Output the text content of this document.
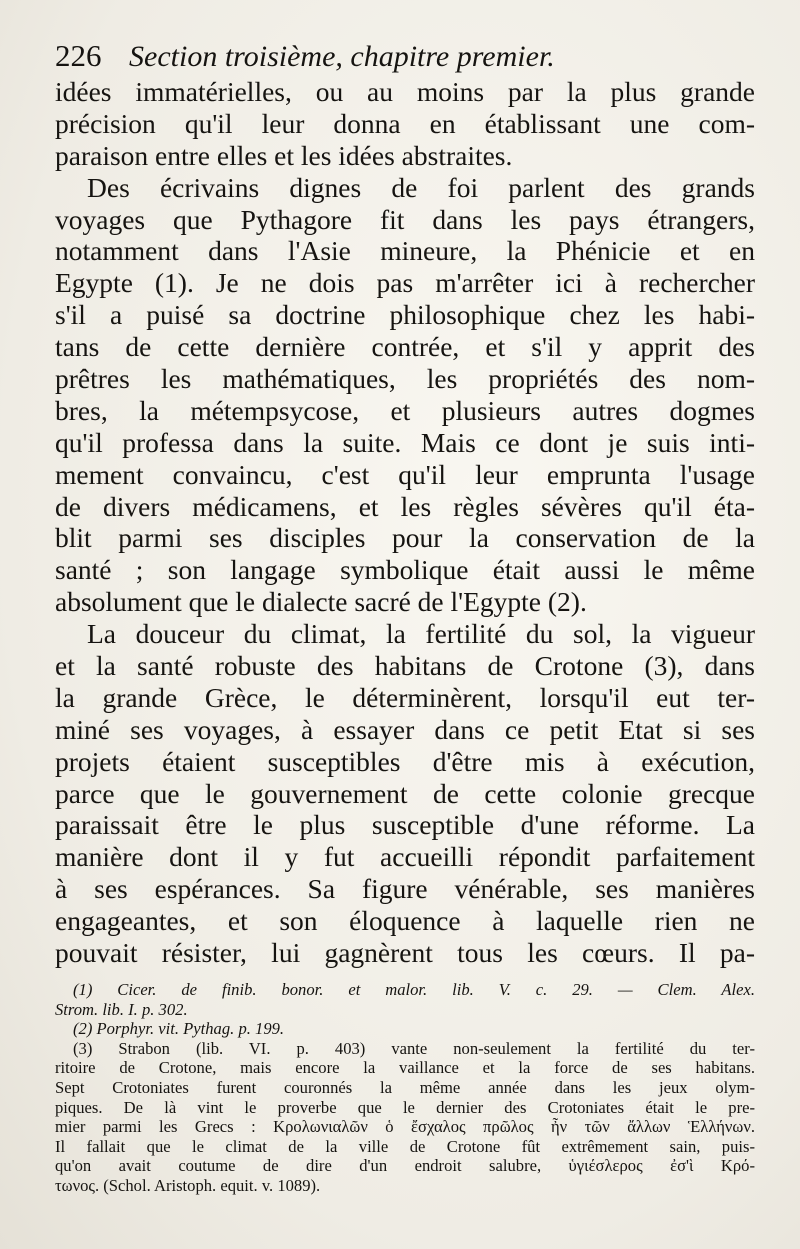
226 Section troisième, chapitre premier.
idées immatérielles, ou au moins par la plus grande
précision qu'il leur donna en établissant une com-
paraison entre elles et les idées abstraites.
Des écrivains dignes de foi parlent des grands
voyages que Pythagore fit dans les pays étrangers,
notamment dans l'Asie mineure, la Phénicie et en
Egypte (1). Je ne dois pas m'arrêter ici à rechercher
s'il a puisé sa doctrine philosophique chez les habi-
tans de cette dernière contrée, et s'il y apprit des
prêtres les mathématiques, les propriétés des nom-
bres, la métempsycose, et plusieurs autres dogmes
qu'il professa dans la suite. Mais ce dont je suis inti-
mement convaincu, c'est qu'il leur emprunta l'usage
de divers médicamens, et les règles sévères qu'il éta-
blit parmi ses disciples pour la conservation de la
santé ; son langage symbolique était aussi le même
absolument que le dialecte sacré de l'Egypte (2).
La douceur du climat, la fertilité du sol, la vigueur
et la santé robuste des habitans de Crotone (3), dans
la grande Grèce, le déterminèrent, lorsqu'il eut ter-
miné ses voyages, à essayer dans ce petit Etat si ses
projets étaient susceptibles d'être mis à exécution,
parce que le gouvernement de cette colonie grecque
paraissait être le plus susceptible d'une réforme. La
manière dont il y fut accueilli répondit parfaitement
à ses espérances. Sa figure vénérable, ses manières
engageantes, et son éloquence à laquelle rien ne
pouvait résister, lui gagnèrent tous les cœurs. Il pa-
(1) Cicer. de finib. bonor. et malor. lib. V. c. 29. — Clem. Alex.
Strom. lib. I. p. 302.
(2) Porphyr. vit. Pythag. p. 199.
(3) Strabon (lib. VI. p. 403) vante non-seulement la fertilité du ter-
ritoire de Crotone, mais encore la vaillance et la force de ses habitans.
Sept Crotoniates furent couronnés la même année dans les jeux olym-
piques. De là vint le proverbe que le dernier des Crotoniates était le pre-
mier parmi les Grecs : Κρολωνιαλῶν ὁ ἔσχαλος πρῶλος ἦν τῶν ἄλλων Ἑλλήνων.
Il fallait que le climat de la ville de Crotone fût extrêmement sain, puis-
qu'on avait coutume de dire d'un endroit salubre, ὑγιέσλερος ἐσ'ὶ Κρό-
τωνος. (Schol. Aristoph. equit. v. 1089).
